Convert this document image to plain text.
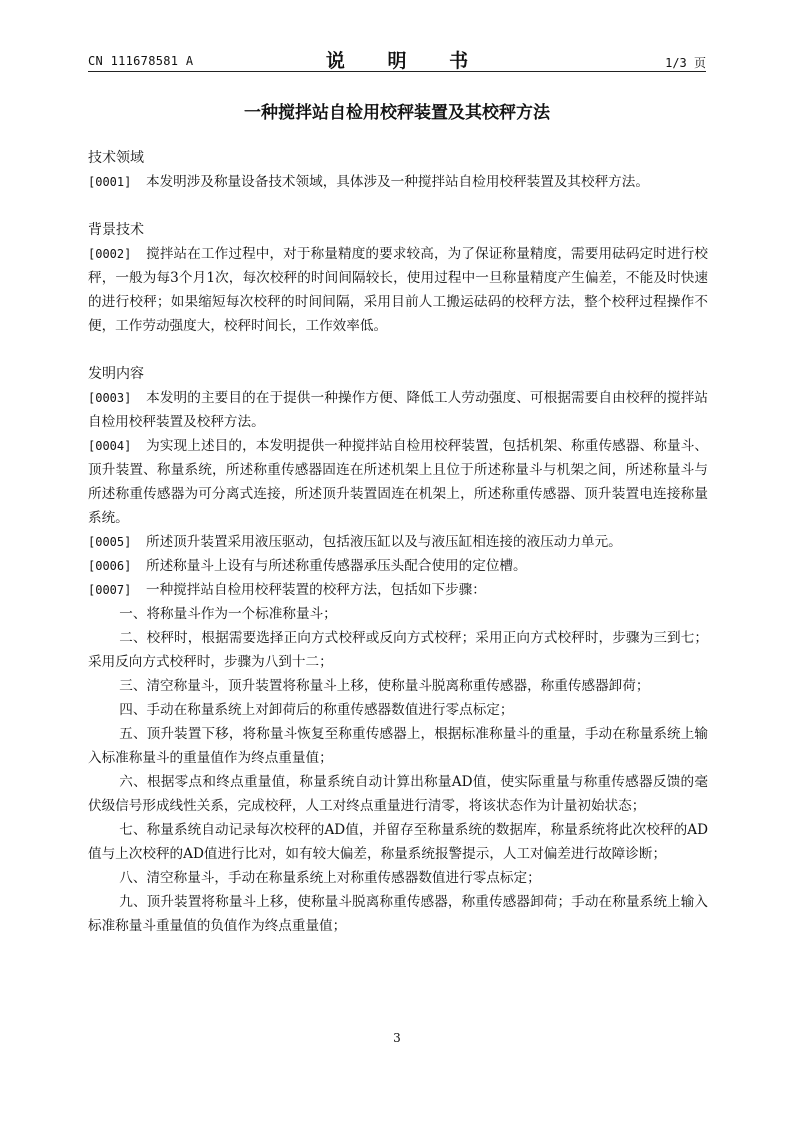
CN 111678581 A	说 明 书	1/3 页
一种搅拌站自检用校秤装置及其校秤方法
技术领域

[0001] 本发明涉及称量设备技术领域，具体涉及一种搅拌站自检用校秤装置及其校秤方法。

背景技术

[0002] 搅拌站在工作过程中，对于称量精度的要求较高，为了保证称量精度，需要用砝码定时进行校秤，一般为每3个月1次，每次校秤的时间间隔较长，使用过程中一旦称量精度产生偏差，不能及时快速的进行校秤；如果缩短每次校秤的时间间隔，采用目前人工搬运砝码的校秤方法，整个校秤过程操作不便，工作劳动强度大，校秤时间长，工作效率低。

发明内容

[0003] 本发明的主要目的在于提供一种操作方便、降低工人劳动强度、可根据需要自由校秤的搅拌站自检用校秤装置及校秤方法。

[0004] 为实现上述目的，本发明提供一种搅拌站自检用校秤装置，包括机架、称重传感器、称量斗、顶升装置、称量系统，所述称重传感器固连在所述机架上且位于所述称量斗与机架之间，所述称量斗与所述称重传感器为可分离式连接，所述顶升装置固连在机架上，所述称重传感器、顶升装置电连接称量系统。

[0005] 所述顶升装置采用液压驱动，包括液压缸以及与液压缸相连接的液压动力单元。

[0006] 所述称量斗上设有与所述称重传感器承压头配合使用的定位槽。

[0007] 一种搅拌站自检用校秤装置的校秤方法，包括如下步骤：

一、将称量斗作为一个标准称量斗；

二、校秤时，根据需要选择正向方式校秤或反向方式校秤；采用正向方式校秤时，步骤为三到七；采用反向方式校秤时，步骤为八到十二；

三、清空称量斗，顶升装置将称量斗上移，使称量斗脱离称重传感器，称重传感器卸荷；

四、手动在称量系统上对卸荷后的称重传感器数值进行零点标定；

五、顶升装置下移，将称量斗恢复至称重传感器上，根据标准称量斗的重量，手动在称量系统上输入标准称量斗的重量值作为终点重量值；

六、根据零点和终点重量值，称量系统自动计算出称量AD值，使实际重量与称重传感器反馈的毫伏级信号形成线性关系，完成校秤，人工对终点重量进行清零，将该状态作为计量初始状态；

七、称量系统自动记录每次校秤的AD值，并留存至称量系统的数据库，称量系统将此次校秤的AD值与上次校秤的AD值进行比对，如有较大偏差，称量系统报警提示，人工对偏差进行故障诊断；

八、清空称量斗，手动在称量系统上对称重传感器数值进行零点标定；

九、顶升装置将称量斗上移，使称量斗脱离称重传感器，称重传感器卸荷；手动在称量系统上输入标准称量斗重量值的负值作为终点重量值；

3
